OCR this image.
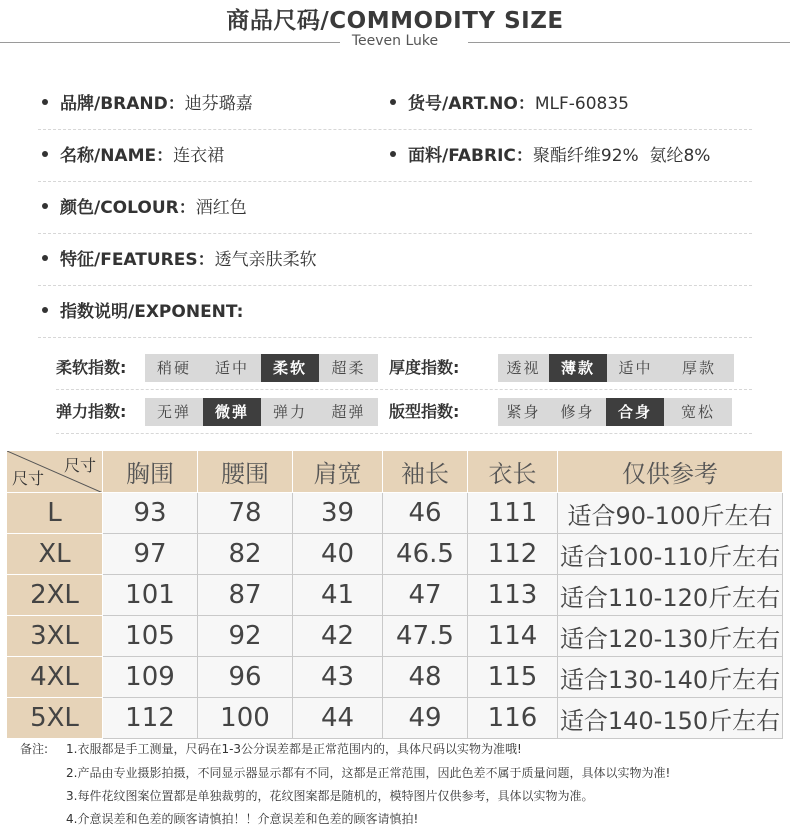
商品尺码/COMMODITY SIZE
Teeven Luke
品牌/BRAND：迪芬璐嘉	货号/ART.NO：MLF-60835
名称/NAME：连衣裙	面料/FABRIC：聚酯纤维92%  氨纶8%
颜色/COLOUR：酒红色
特征/FEATURES：透气亲肤柔软
指数说明/EXPONENT:
柔软指数:	稍硬	适中	柔软	超柔	厚度指数:	透视	薄款	适中	厚款
弹力指数:	无弹	微弹	弹力	超弹	版型指数:	紧身	修身	合身	宽松
尺寸
尺寸	胸围	腰围	肩宽	袖长	衣长	仅供参考
L	93	78	39	46	111	适合90-100斤左右
XL	97	82	40	46.5	112	适合100-110斤左右
2XL	101	87	41	47	113	适合110-120斤左右
3XL	105	92	42	47.5	114	适合120-130斤左右
4XL	109	96	43	48	115	适合130-140斤左右
5XL	112	100	44	49	116	适合140-150斤左右
备注: 1.衣服都是手工测量，尺码在1-3公分误差都是正常范围内的，具体尺码以实物为准哦!
2.产品由专业摄影拍摄，不同显示器显示都有不同，这都是正常范围，因此色差不属于质量问题，具体以实物为准!
3.每件花纹图案位置都是单独裁剪的，花纹图案都是随机的，模特图片仅供参考，具体以实物为准。
4.介意误差和色差的顾客请慎拍！！介意误差和色差的顾客请慎拍!
